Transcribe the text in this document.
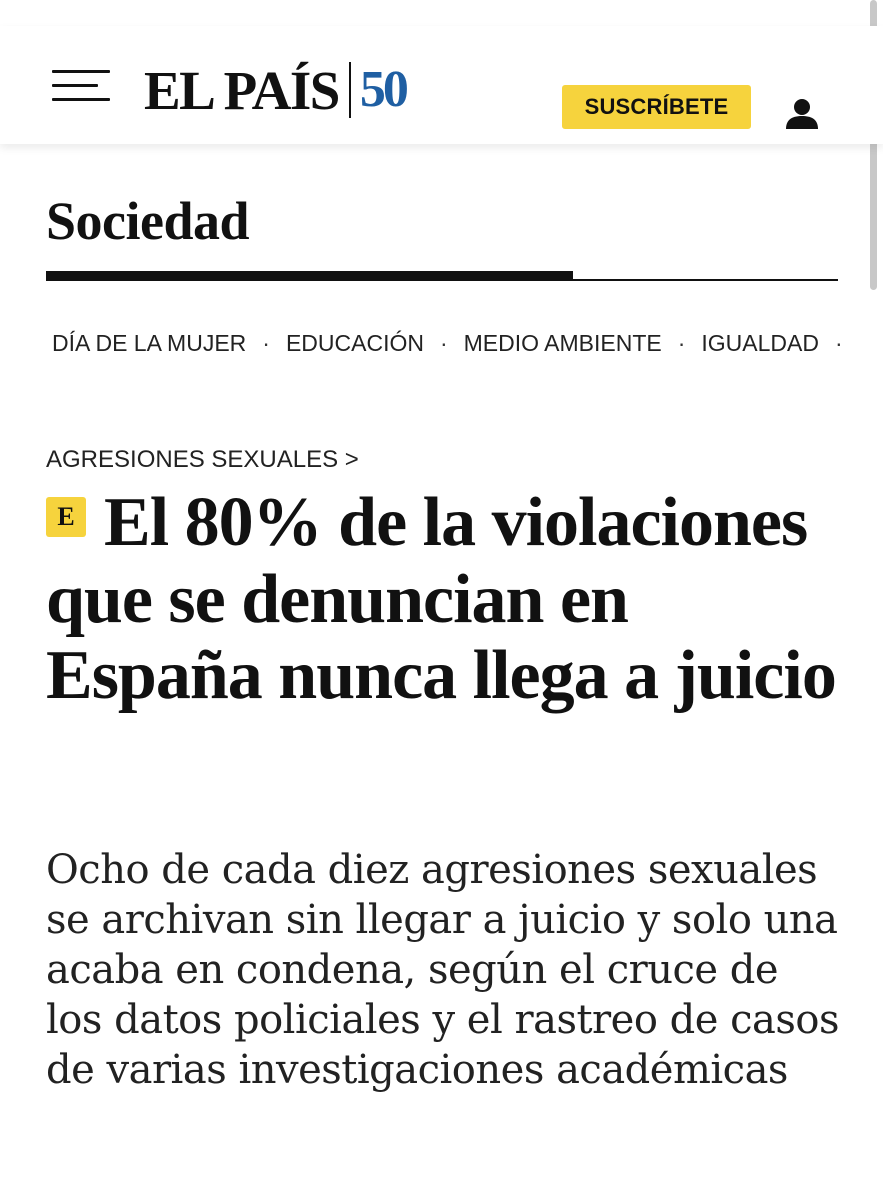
EL PAÍS 50	SUSCRÍBETE
Sociedad
DÍA DE LA MUJER · EDUCACIÓN · MEDIO AMBIENTE · IGUALDAD ·
AGRESIONES SEXUALES >
E El 80% de la violaciones que se denuncian en España nunca llega a juicio

Ocho de cada diez agresiones sexuales se archivan sin llegar a juicio y solo una acaba en condena, según el cruce de los datos policiales y el rastreo de casos de varias investigaciones académicas
